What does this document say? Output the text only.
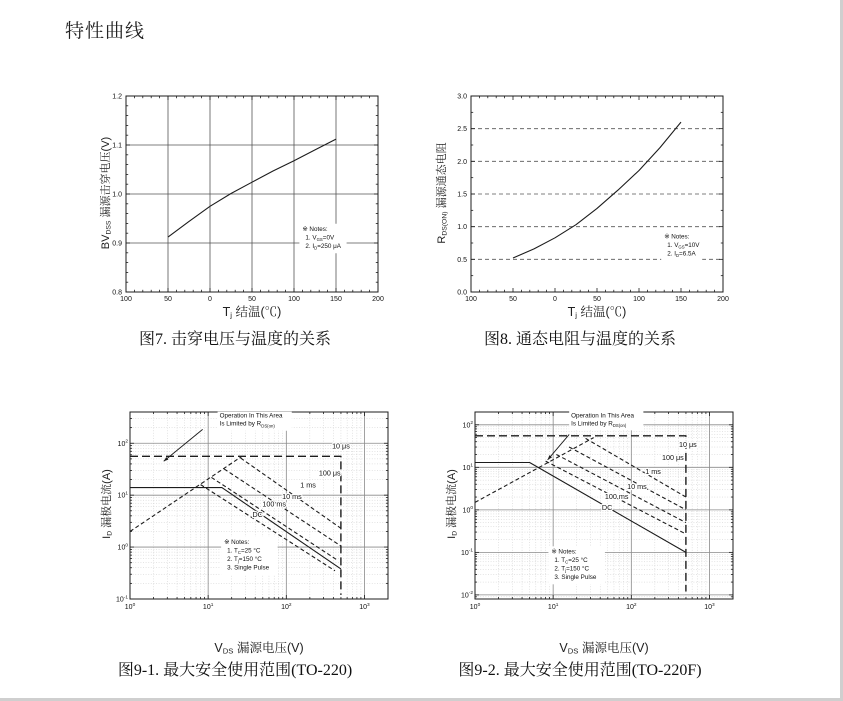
特性曲线
$BV_{DSS}$ 漏源击穿电压(V)
100	50	0	50	100	150	200
0.8
0.9
1.0
1.1
1.2
※ Notes:
1. $V_{GS}=0V$
2. $I_D=250$ μA
$T_j$ 结温(℃)
图7. 击穿电压与温度的关系
$R_{DS(ON)}$ 漏源通态电阻
100	50	0	50	100	150	200
0.0
0.5
1.0
1.5
2.0
2.5
3.0
※ Notes:
1. $V_{GS}=10V$
2. $I_D=6.5A$
$T_j$ 结温(℃)
图8. 通态电阻与温度的关系
$I_D$ 漏极电流(A)
$10^0$	$10^1$	$10^2$	$10^3$
$10^2$
$10^1$
$10^0$
$10^{-1}$
10 μs
100 μs
1 ms
10 ms
100 ms
DC
Operation In This Area
Is Limited by $R_{DS(on)}$
※ Notes:
1. $T_C=25$ °C
2. $T_j=150$ °C
3. Single Pulse
$V_{DS}$ 漏源电压(V)
图9-1. 最大安全使用范围(TO-220)
$I_D$ 漏极电流(A)
$10^0$	$10^1$	$10^2$	$10^3$
$10^2$
$10^1$
$10^0$
$10^{-1}$
$10^{-2}$
10 μs
100 μs
1 ms
10 ms
100 ms
DC
Operation In This Area
Is Limited by $R_{DS(on)}$
※ Notes:
1. $T_C=25$ °C
2. $T_j=150$ °C
3. Single Pulse
$V_{DS}$ 漏源电压(V)
图9-2. 最大安全使用范围(TO-220F)
